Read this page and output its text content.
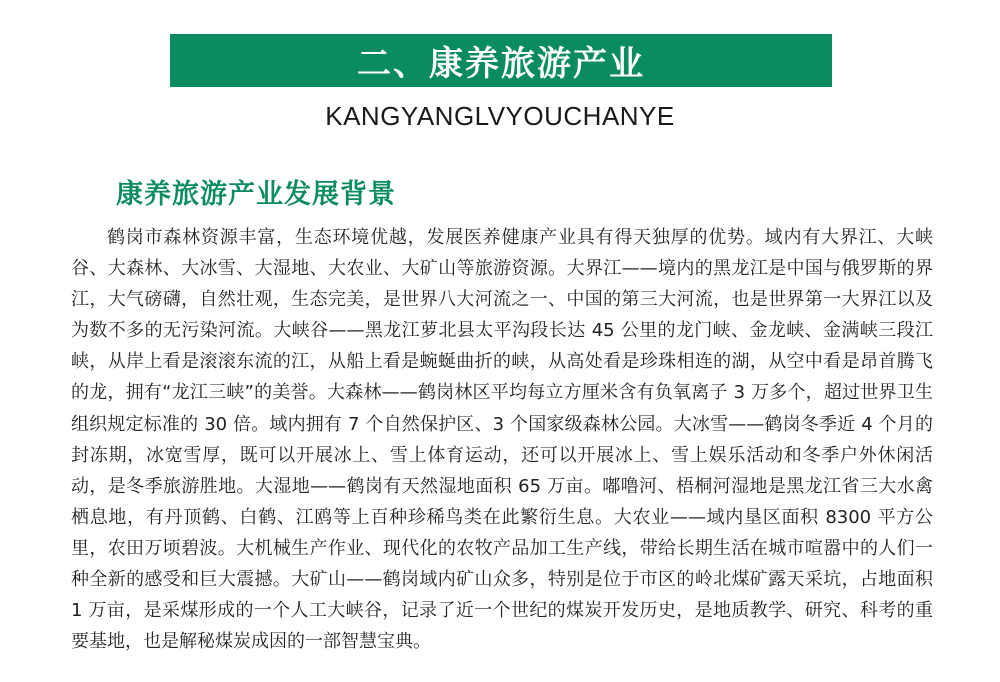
二、康养旅游产业
KANGYANGLVYOUCHANYE
康养旅游产业发展背景

鹤岗市森林资源丰富，生态环境优越，发展医养健康产业具有得天独厚的优势。域内有大界江、大峡谷、大森林、大冰雪、大湿地、大农业、大矿山等旅游资源。大界江——境内的黑龙江是中国与俄罗斯的界江，大气磅礴，自然壮观，生态完美，是世界八大河流之一、中国的第三大河流，也是世界第一大界江以及为数不多的无污染河流。大峡谷——黑龙江萝北县太平沟段长达 45 公里的龙门峡、金龙峡、金满峡三段江峡，从岸上看是滚滚东流的江，从船上看是蜿蜒曲折的峡，从高处看是珍珠相连的湖，从空中看是昂首腾飞的龙，拥有“龙江三峡”的美誉。大森林——鹤岗林区平均每立方厘米含有负氧离子 3 万多个，超过世界卫生组织规定标准的 30 倍。域内拥有 7 个自然保护区、3 个国家级森林公园。大冰雪——鹤岗冬季近 4 个月的封冻期，冰宽雪厚，既可以开展冰上、雪上体育运动，还可以开展冰上、雪上娱乐活动和冬季户外休闲活动，是冬季旅游胜地。大湿地——鹤岗有天然湿地面积 65 万亩。嘟噜河、梧桐河湿地是黑龙江省三大水禽栖息地，有丹顶鹤、白鹤、江鸥等上百种珍稀鸟类在此繁衍生息。大农业——域内垦区面积 8300 平方公里，农田万顷碧波。大机械生产作业、现代化的农牧产品加工生产线，带给长期生活在城市喧嚣中的人们一种全新的感受和巨大震撼。大矿山——鹤岗域内矿山众多，特别是位于市区的岭北煤矿露天采坑，占地面积 1 万亩，是采煤形成的一个人工大峡谷，记录了近一个世纪的煤炭开发历史，是地质教学、研究、科考的重要基地，也是解秘煤炭成因的一部智慧宝典。
